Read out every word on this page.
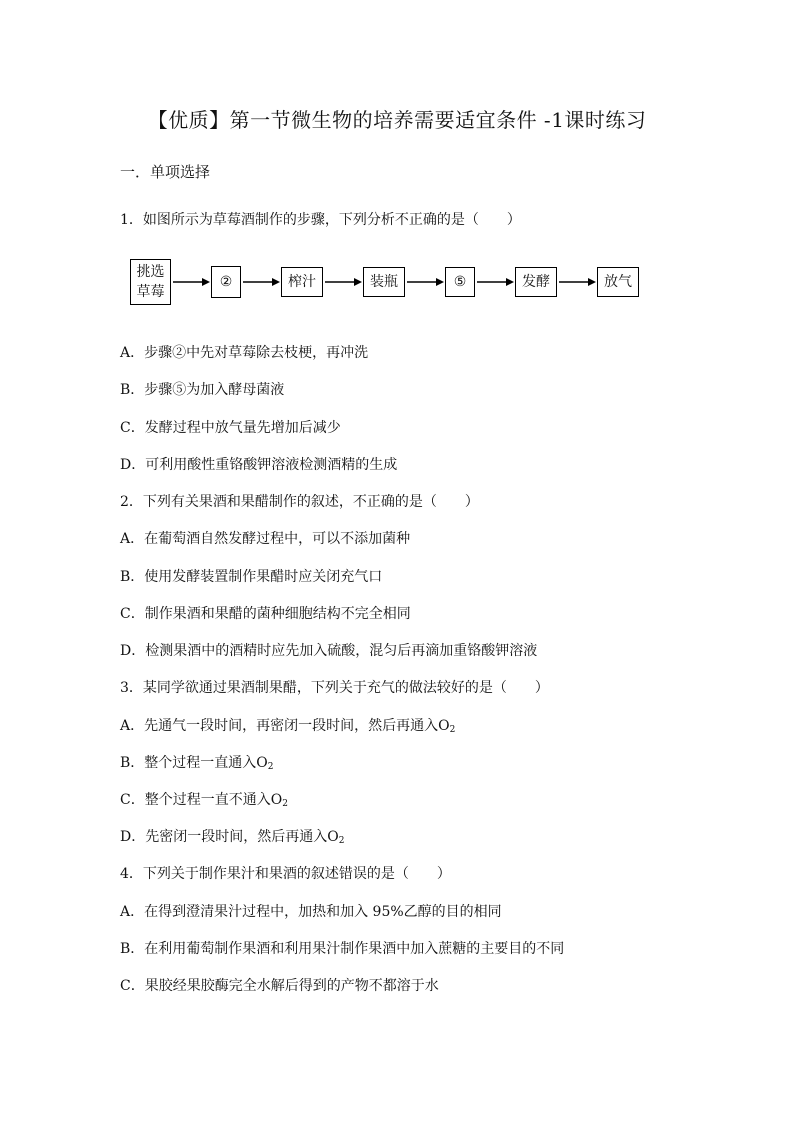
【优质】第一节微生物的培养需要适宜条件 -1课时练习
一．单项选择
1．如图所示为草莓酒制作的步骤，下列分析不正确的是（　　）
挑选
草莓
②	榨汁	装瓶	⑤	发酵	放气
A．步骤②中先对草莓除去枝梗，再冲洗
B．步骤⑤为加入酵母菌液
C．发酵过程中放气量先增加后减少
D．可利用酸性重铬酸钾溶液检测酒精的生成
2．下列有关果酒和果醋制作的叙述，不正确的是（　　）
A．在葡萄酒自然发酵过程中，可以不添加菌种
B．使用发酵装置制作果醋时应关闭充气口
C．制作果酒和果醋的菌种细胞结构不完全相同
D．检测果酒中的酒精时应先加入硫酸，混匀后再滴加重铬酸钾溶液
3．某同学欲通过果酒制果醋，下列关于充气的做法较好的是（　　）
A．先通气一段时间，再密闭一段时间，然后再通入$O_2$
B．整个过程一直通入$O_2$
C．整个过程一直不通入$O_2$
D．先密闭一段时间，然后再通入$O_2$
4．下列关于制作果汁和果酒的叙述错误的是（　　）
A．在得到澄清果汁过程中，加热和加入 95%乙醇的目的相同
B．在利用葡萄制作果酒和利用果汁制作果酒中加入蔗糖的主要目的不同
C．果胶经果胶酶完全水解后得到的产物不都溶于水
